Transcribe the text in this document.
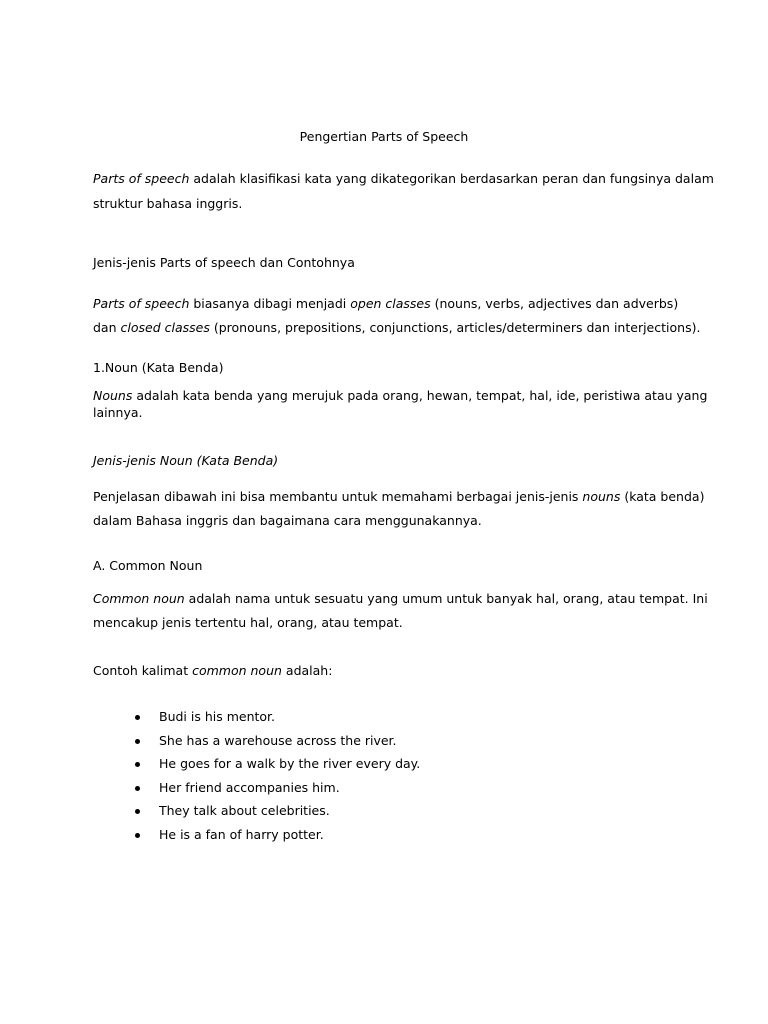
Pengertian Parts of Speech
Parts of speech adalah klasifikasi kata yang dikategorikan berdasarkan peran dan fungsinya dalam
struktur bahasa inggris.
Jenis-jenis Parts of speech dan Contohnya
Parts of speech biasanya dibagi menjadi open classes (nouns, verbs, adjectives dan adverbs)
dan closed classes (pronouns, prepositions, conjunctions, articles/determiners dan interjections).
1.Noun (Kata Benda)
Nouns adalah kata benda yang merujuk pada orang, hewan, tempat, hal, ide, peristiwa atau yang
lainnya.
Jenis-jenis Noun (Kata Benda)
Penjelasan dibawah ini bisa membantu untuk memahami berbagai jenis-jenis nouns (kata benda)
dalam Bahasa inggris dan bagaimana cara menggunakannya.
A. Common Noun
Common noun adalah nama untuk sesuatu yang umum untuk banyak hal, orang, atau tempat. Ini
mencakup jenis tertentu hal, orang, atau tempat.
Contoh kalimat common noun adalah:
Budi is his mentor.
She has a warehouse across the river.
He goes for a walk by the river every day.
Her friend accompanies him.
They talk about celebrities.
He is a fan of harry potter.
